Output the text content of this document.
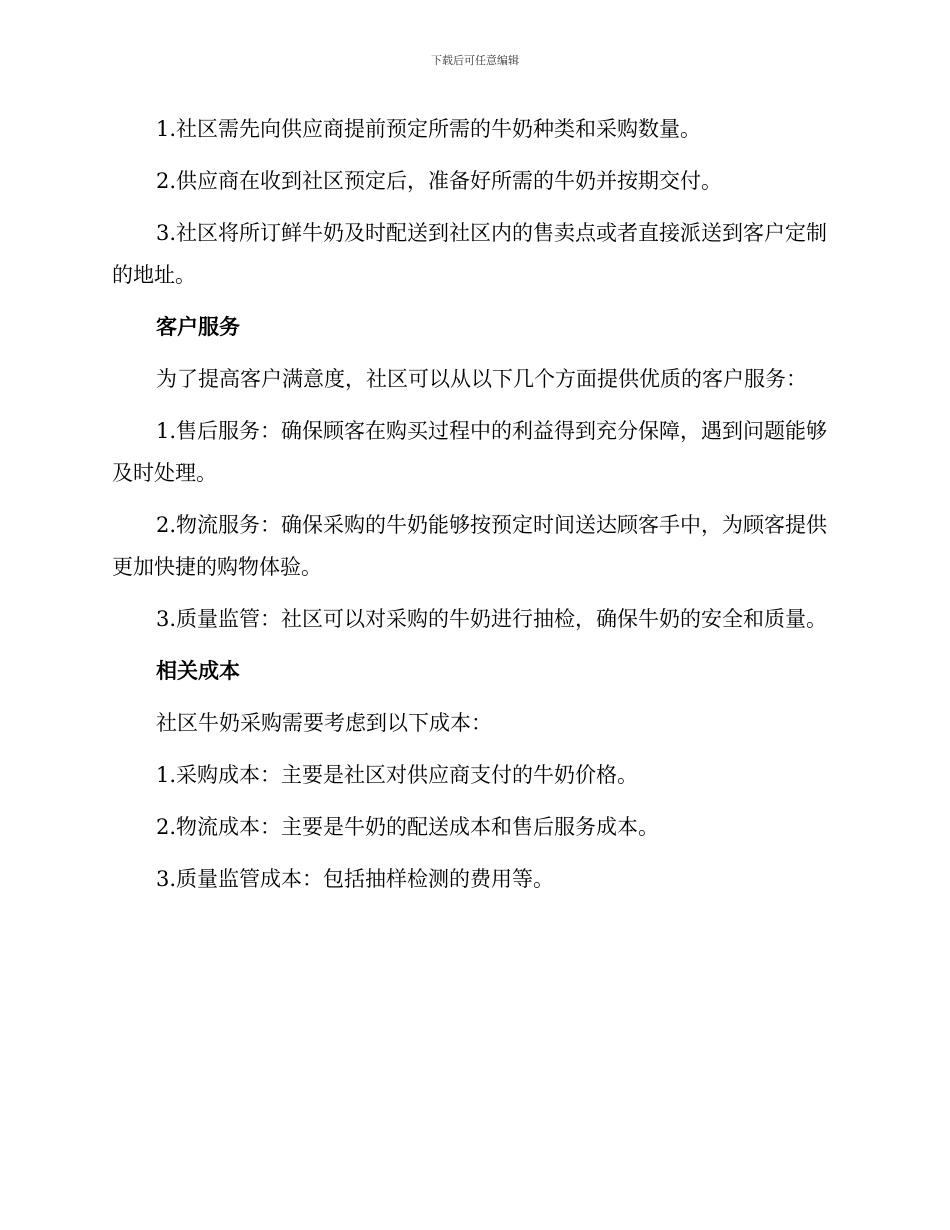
下载后可任意编辑

1.社区需先向供应商提前预定所需的牛奶种类和采购数量。

2.供应商在收到社区预定后，准备好所需的牛奶并按期交付。

3.社区将所订鲜牛奶及时配送到社区内的售卖点或者直接派送到客户定制的地址。

客户服务

为了提高客户满意度，社区可以从以下几个方面提供优质的客户服务：

1.售后服务：确保顾客在购买过程中的利益得到充分保障，遇到问题能够及时处理。

2.物流服务：确保采购的牛奶能够按预定时间送达顾客手中，为顾客提供更加快捷的购物体验。

3.质量监管：社区可以对采购的牛奶进行抽检，确保牛奶的安全和质量。

相关成本

社区牛奶采购需要考虑到以下成本：

1.采购成本：主要是社区对供应商支付的牛奶价格。

2.物流成本：主要是牛奶的配送成本和售后服务成本。

3.质量监管成本：包括抽样检测的费用等。
